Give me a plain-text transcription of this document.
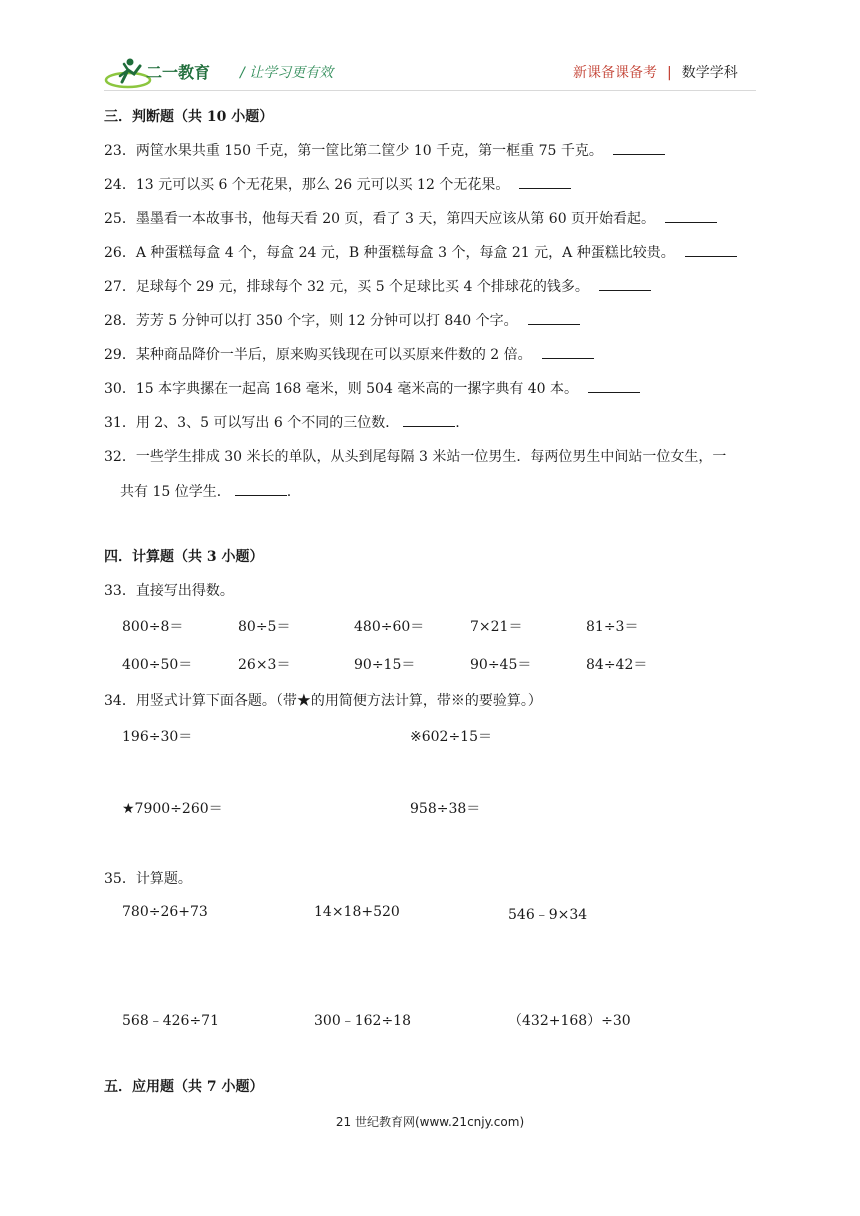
二一教育 / 让学习更有效	新课备课备考 | 数学学科
三．判断题（共 10 小题）
23．两筐水果共重 150 千克，第一筐比第二筐少 10 千克，第一框重 75 千克。
24．13 元可以买 6 个无花果，那么 26 元可以买 12 个无花果。
25．墨墨看一本故事书，他每天看 20 页，看了 3 天，第四天应该从第 60 页开始看起。
26．A 种蛋糕每盒 4 个，每盒 24 元，B 种蛋糕每盒 3 个，每盒 21 元，A 种蛋糕比较贵。
27．足球每个 29 元，排球每个 32 元，买 5 个足球比买 4 个排球花的钱多。
28．芳芳 5 分钟可以打 350 个字，则 12 分钟可以打 840 个字。
29．某种商品降价一半后，原来购买钱现在可以买原来件数的 2 倍。
30．15 本字典摞在一起高 168 毫米，则 504 毫米高的一摞字典有 40 本。
31．用 2、3、5 可以写出 6 个不同的三位数．	.
32．一些学生排成 30 米长的单队，从头到尾每隔 3 米站一位男生．每两位男生中间站一位女生，一
共有 15 位学生．	.
四．计算题（共 3 小题）
33．直接写出得数。
800÷8＝	80÷5＝	480÷60＝	7×21＝	81÷3＝
400÷50＝	26×3＝	90÷15＝	90÷45＝	84÷42＝
34．用竖式计算下面各题。（带★的用简便方法计算，带※的要验算。）
196÷30＝	※602÷15＝
★7900÷260＝	958÷38＝
35．计算题。
780÷26+73	14×18+520	546﹣9×34
568﹣426÷71	300﹣162÷18	（432+168）÷30
五．应用题（共 7 小题）
21 世纪教育网(www.21cnjy.com)
